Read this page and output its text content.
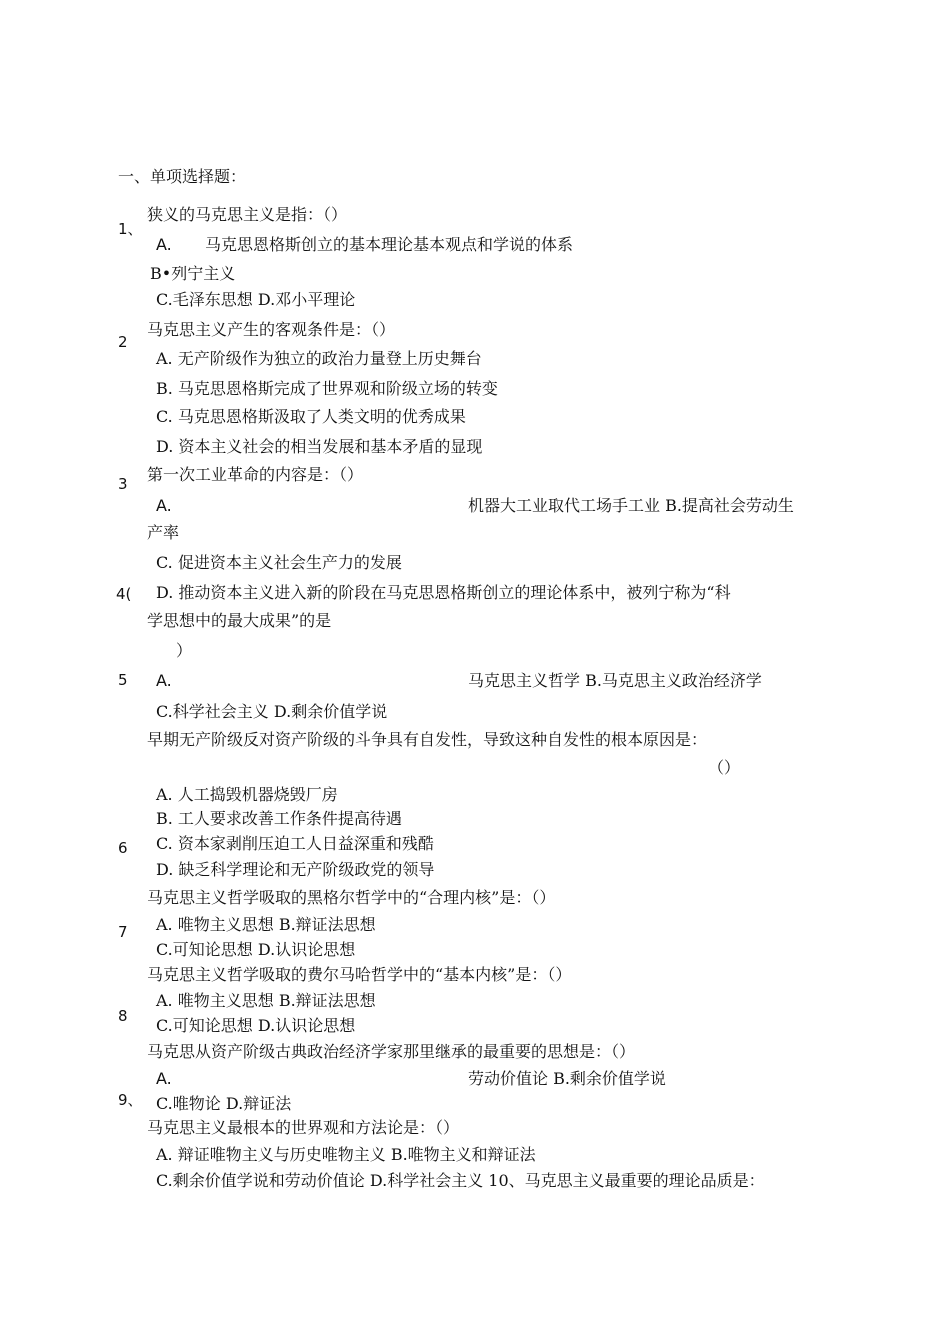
一、单项选择题：
1、
2
3
4(
5
6
7
8
9、
狭义的马克思主义是指：（）
A. 马克思恩格斯创立的基本理论基本观点和学说的体系
B•列宁主义
C.毛泽东思想 D.邓小平理论
马克思主义产生的客观条件是：（）
A. 无产阶级作为独立的政治力量登上历史舞台
B. 马克思恩格斯完成了世界观和阶级立场的转变
C. 马克思恩格斯汲取了人类文明的优秀成果
D. 资本主义社会的相当发展和基本矛盾的显现
第一次工业革命的内容是：（）
A.	机器大工业取代工场手工业 B.提高社会劳动生
产率
C. 促进资本主义社会生产力的发展
D. 推动资本主义进入新的阶段在马克思恩格斯创立的理论体系中，被列宁称为“科
学思想中的最大成果”的是
）
A.	马克思主义哲学 B.马克思主义政治经济学
C.科学社会主义 D.剩余价值学说
早期无产阶级反对资产阶级的斗争具有自发性，导致这种自发性的根本原因是：
（）
A. 人工捣毁机器烧毁厂房
B. 工人要求改善工作条件提高待遇
C. 资本家剥削压迫工人日益深重和残酷
D. 缺乏科学理论和无产阶级政党的领导
马克思主义哲学吸取的黑格尔哲学中的“合理内核”是：（）
A. 唯物主义思想 B.辩证法思想
C.可知论思想 D.认识论思想
马克思主义哲学吸取的费尔马哈哲学中的“基本内核”是：（）
A. 唯物主义思想 B.辩证法思想
C.可知论思想 D.认识论思想
马克思从资产阶级古典政治经济学家那里继承的最重要的思想是：（）
A.	劳动价值论 B.剩余价值学说
C.唯物论 D.辩证法
马克思主义最根本的世界观和方法论是：（）
A. 辩证唯物主义与历史唯物主义 B.唯物主义和辩证法
C.剩余价值学说和劳动价值论 D.科学社会主义 10、马克思主义最重要的理论品质是：
